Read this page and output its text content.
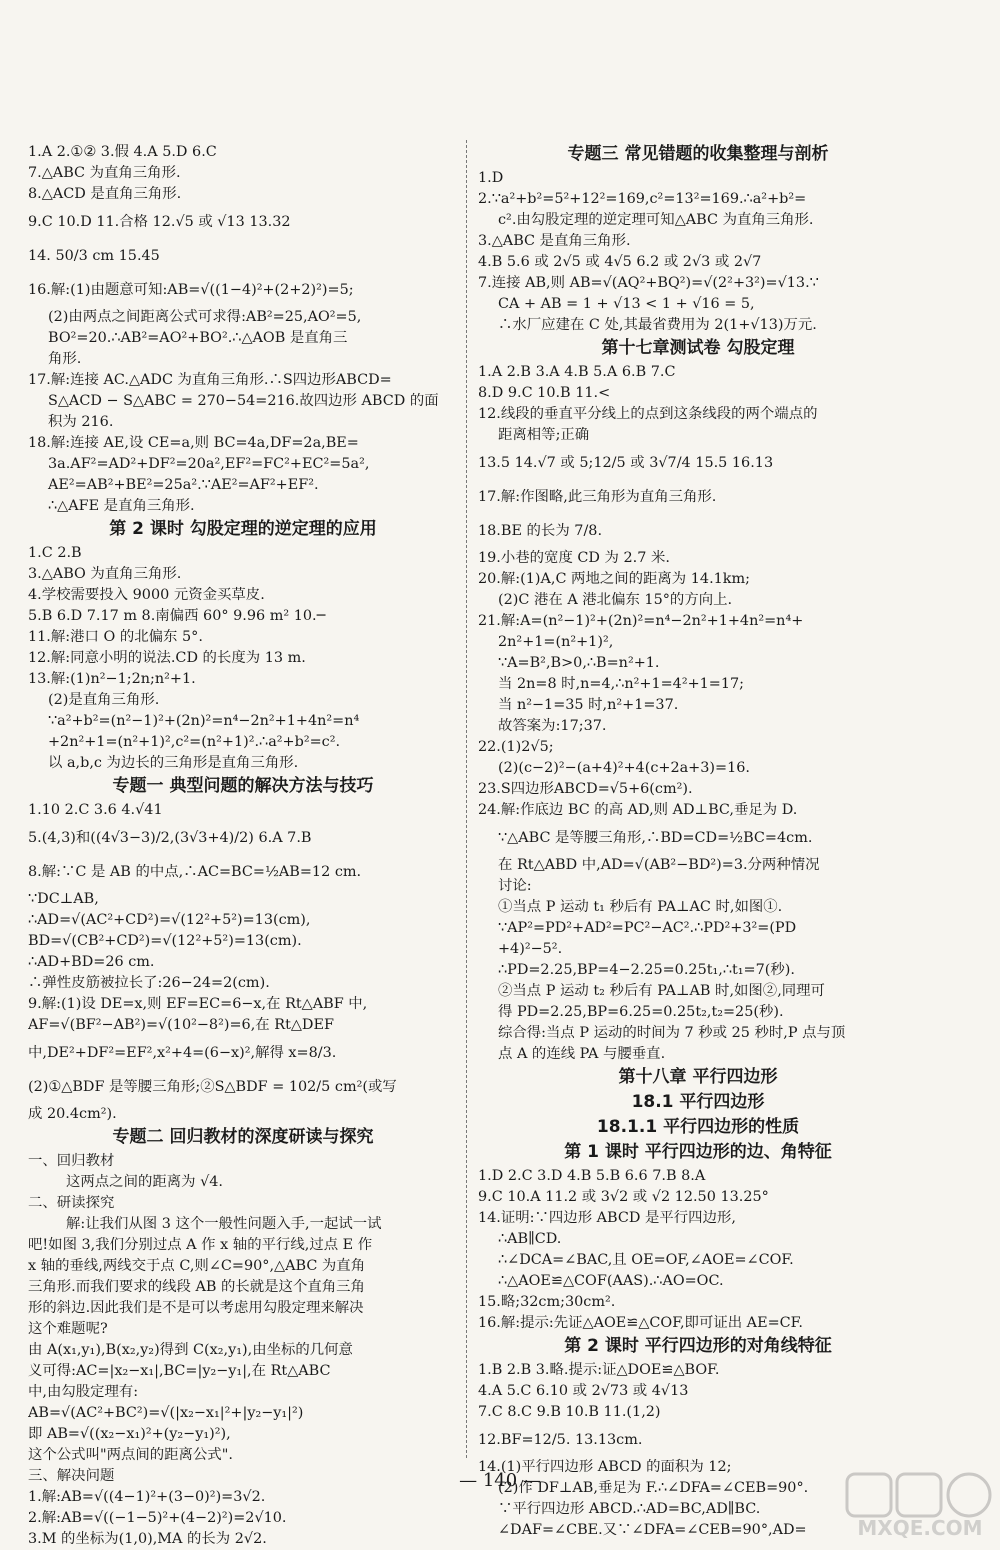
1.A 2.①② 3.假 4.A 5.D 6.C
7.△ABC 为直角三角形.
8.△ACD 是直角三角形.
9.C 10.D 11.合格 12.√5 或 √13 13.32
14. 50/3 cm 15.45
16.解:(1)由题意可知:AB=√((1−4)²+(2+2)²)=5;
(2)由两点之间距离公式可求得:AB²=25,AO²=5,
BO²=20.∴AB²=AO²+BO².∴△AOB 是直角三
角形.
17.解:连接 AC.△ADC 为直角三角形.∴S四边形ABCD=
S△ACD − S△ABC = 270−54=216.故四边形 ABCD 的面
积为 216.
18.解:连接 AE,设 CE=a,则 BC=4a,DF=2a,BE=
3a.AF²=AD²+DF²=20a²,EF²=FC²+EC²=5a²,
AE²=AB²+BE²=25a².∵AE²=AF²+EF².
∴△AFE 是直角三角形.
第 2 课时 勾股定理的逆定理的应用
1.C 2.B
3.△ABO 为直角三角形.
4.学校需要投入 9000 元资金买草皮.
5.B 6.D 7.17 m 8.南偏西 60° 9.96 m² 10.─
11.解:港口 O 的北偏东 5°.
12.解:同意小明的说法.CD 的长度为 13 m.
13.解:(1)n²−1;2n;n²+1.
(2)是直角三角形.
∵a²+b²=(n²−1)²+(2n)²=n⁴−2n²+1+4n²=n⁴
+2n²+1=(n²+1)²,c²=(n²+1)².∴a²+b²=c².
以 a,b,c 为边长的三角形是直角三角形.
专题一 典型问题的解决方法与技巧
1.10 2.C 3.6 4.√41
5.(4,3)和((4√3−3)/2,(3√3+4)/2) 6.A 7.B
8.解:∵C 是 AB 的中点,∴AC=BC=½AB=12 cm.
∵DC⊥AB,
∴AD=√(AC²+CD²)=√(12²+5²)=13(cm),
BD=√(CB²+CD²)=√(12²+5²)=13(cm).
∴AD+BD=26 cm.
∴弹性皮筋被拉长了:26−24=2(cm).
9.解:(1)设 DE=x,则 EF=EC=6−x,在 Rt△ABF 中,
AF=√(BF²−AB²)=√(10²−8²)=6,在 Rt△DEF
中,DE²+DF²=EF²,x²+4=(6−x)²,解得 x=8/3.
(2)①△BDF 是等腰三角形;②S△BDF = 102/5 cm²(或写
成 20.4cm²).
专题二 回归教材的深度研读与探究
一、回归教材
这两点之间的距离为 √4.
二、研读探究
解:让我们从图 3 这个一般性问题入手,一起试一试
吧!如图 3,我们分别过点 A 作 x 轴的平行线,过点 E 作
x 轴的垂线,两线交于点 C,则∠C=90°,△ABC 为直角
三角形.而我们要求的线段 AB 的长就是这个直角三角
形的斜边.因此我们是不是可以考虑用勾股定理来解决
这个难题呢?
由 A(x₁,y₁),B(x₂,y₂)得到 C(x₂,y₁),由坐标的几何意
义可得:AC=|x₂−x₁|,BC=|y₂−y₁|,在 Rt△ABC
中,由勾股定理有:
AB=√(AC²+BC²)=√(|x₂−x₁|²+|y₂−y₁|²)
即 AB=√((x₂−x₁)²+(y₂−y₁)²),
这个公式叫"两点间的距离公式".
三、解决问题
1.解:AB=√((4−1)²+(3−0)²)=3√2.
2.解:AB=√((−1−5)²+(4−2)²)=2√10.
3.M 的坐标为(1,0),MA 的长为 2√2.
专题三 常见错题的收集整理与剖析
1.D
2.∵a²+b²=5²+12²=169,c²=13²=169.∴a²+b²=
c².由勾股定理的逆定理可知△ABC 为直角三角形.
3.△ABC 是直角三角形.
4.B 5.6 或 2√5 或 4√5 6.2 或 2√3 或 2√7
7.连接 AB,则 AB=√(AQ²+BQ²)=√(2²+3²)=√13.∵
CA + AB = 1 + √13 < 1 + √16 = 5,
∴水厂应建在 C 处,其最省费用为 2(1+√13)万元.
第十七章测试卷 勾股定理
1.A 2.B 3.A 4.B 5.A 6.B 7.C
8.D 9.C 10.B 11.<
12.线段的垂直平分线上的点到这条线段的两个端点的
距离相等;正确
13.5 14.√7 或 5;12/5 或 3√7/4 15.5 16.13
17.解:作图略,此三角形为直角三角形.
18.BE 的长为 7/8.
19.小巷的宽度 CD 为 2.7 米.
20.解:(1)A,C 两地之间的距离为 14.1km;
(2)C 港在 A 港北偏东 15°的方向上.
21.解:A=(n²−1)²+(2n)²=n⁴−2n²+1+4n²=n⁴+
2n²+1=(n²+1)²,
∵A=B²,B>0,∴B=n²+1.
当 2n=8 时,n=4,∴n²+1=4²+1=17;
当 n²−1=35 时,n²+1=37.
故答案为:17;37.
22.(1)2√5;
(2)(c−2)²−(a+4)²+4(c+2a+3)=16.
23.S四边形ABCD=√5+6(cm²).
24.解:作底边 BC 的高 AD,则 AD⊥BC,垂足为 D.
∵△ABC 是等腰三角形,∴BD=CD=½BC=4cm.
在 Rt△ABD 中,AD=√(AB²−BD²)=3.分两种情况
讨论:
①当点 P 运动 t₁ 秒后有 PA⊥AC 时,如图①.
∵AP²=PD²+AD²=PC²−AC².∴PD²+3²=(PD
+4)²−5².
∴PD=2.25,BP=4−2.25=0.25t₁,∴t₁=7(秒).
②当点 P 运动 t₂ 秒后有 PA⊥AB 时,如图②,同理可
得 PD=2.25,BP=6.25=0.25t₂,t₂=25(秒).
综合得:当点 P 运动的时间为 7 秒或 25 秒时,P 点与顶
点 A 的连线 PA 与腰垂直.
第十八章 平行四边形
18.1 平行四边形
18.1.1 平行四边形的性质
第 1 课时 平行四边形的边、角特征
1.D 2.C 3.D 4.B 5.B 6.6 7.B 8.A
9.C 10.A 11.2 或 3√2 或 √2 12.50 13.25°
14.证明:∵四边形 ABCD 是平行四边形,
∴AB∥CD.
∴∠DCA=∠BAC,且 OE=OF,∠AOE=∠COF.
∴△AOE≌△COF(AAS).∴AO=OC.
15.略;32cm;30cm².
16.解:提示:先证△AOE≌△COF,即可证出 AE=CF.
第 2 课时 平行四边形的对角线特征
1.B 2.B 3.略.提示:证△DOE≌△BOF.
4.A 5.C 6.10 或 2√73 或 4√13
7.C 8.C 9.B 10.B 11.(1,2)
12.BF=12/5. 13.13cm.
14.(1)平行四边形 ABCD 的面积为 12;
(2)作 DF⊥AB,垂足为 F.∴∠DFA=∠CEB=90°.
∵平行四边形 ABCD.∴AD=BC,AD∥BC.
∠DAF=∠CBE.又∵∠DFA=∠CEB=90°,AD=
— 140 —
MXQE.COM
